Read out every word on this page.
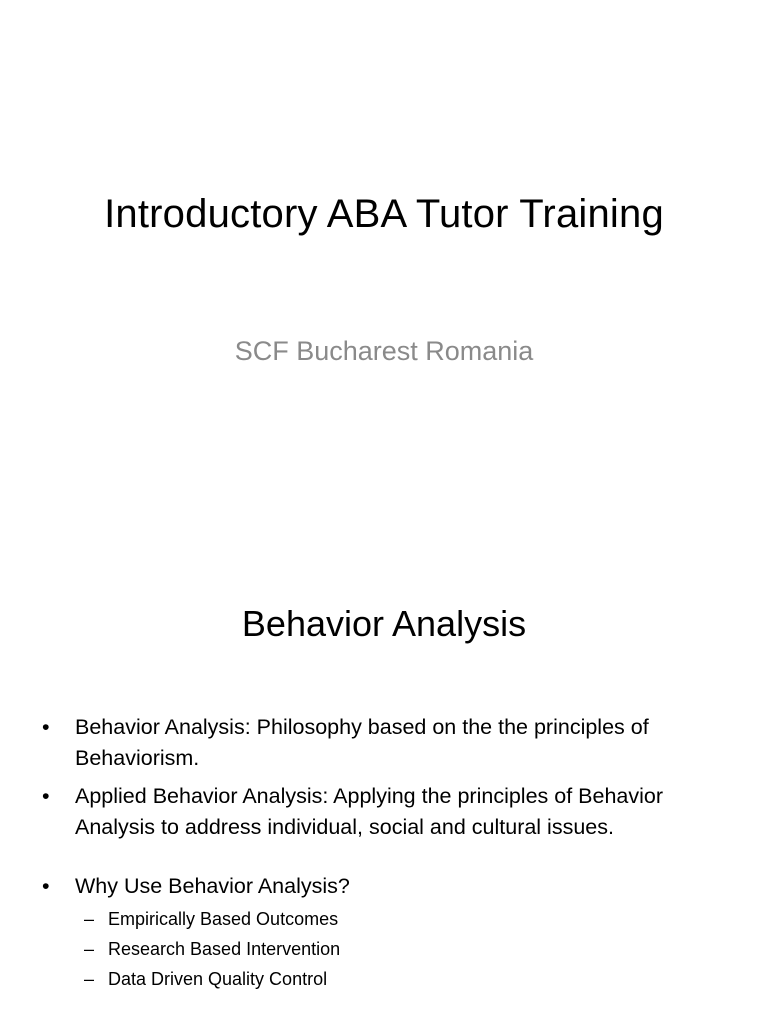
Introductory ABA Tutor Training
SCF Bucharest Romania
Behavior Analysis
•	Behavior Analysis: Philosophy based on the the principles of Behaviorism.
•	Applied Behavior Analysis: Applying the principles of Behavior Analysis to address individual, social and cultural issues.
•	Why Use Behavior Analysis?
– Empirically Based Outcomes
– Research Based Intervention
– Data Driven Quality Control
